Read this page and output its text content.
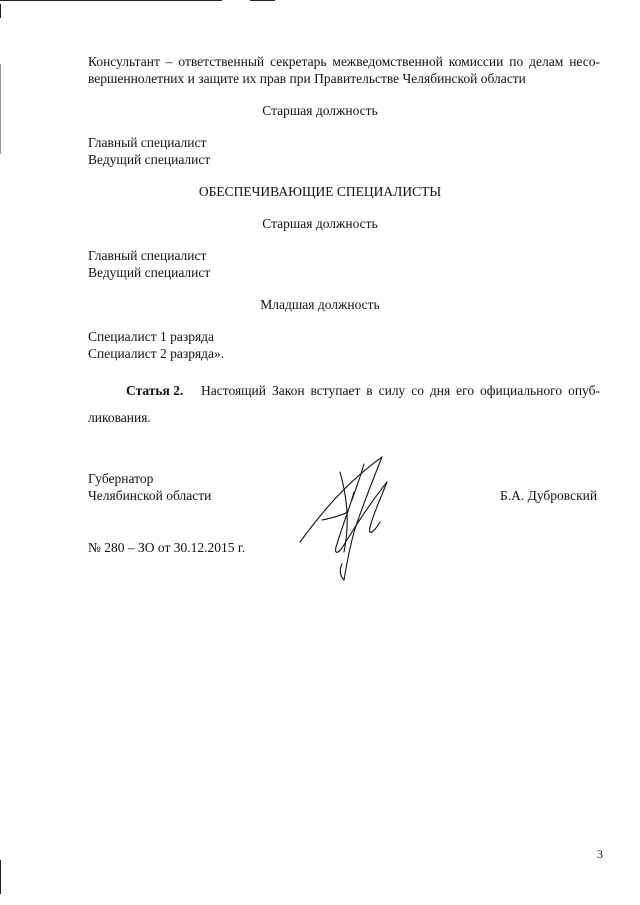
Консультант – ответственный секретарь межведомственной комиссии по делам несо-
вершеннолетних и защите их прав при Правительстве Челябинской области
Старшая должность
Главный специалист
Ведущий специалист
ОБЕСПЕЧИВАЮЩИЕ СПЕЦИАЛИСТЫ
Старшая должность
Главный специалист
Ведущий специалист
Младшая должность
Специалист 1 разряда
Специалист 2 разряда».
Статья 2. Настоящий Закон вступает в силу со дня его официального опуб-
ликования.
Губернатор
Челябинской области	Б.А. Дубровский
№ 280 – ЗО от 30.12.2015 г.
3
